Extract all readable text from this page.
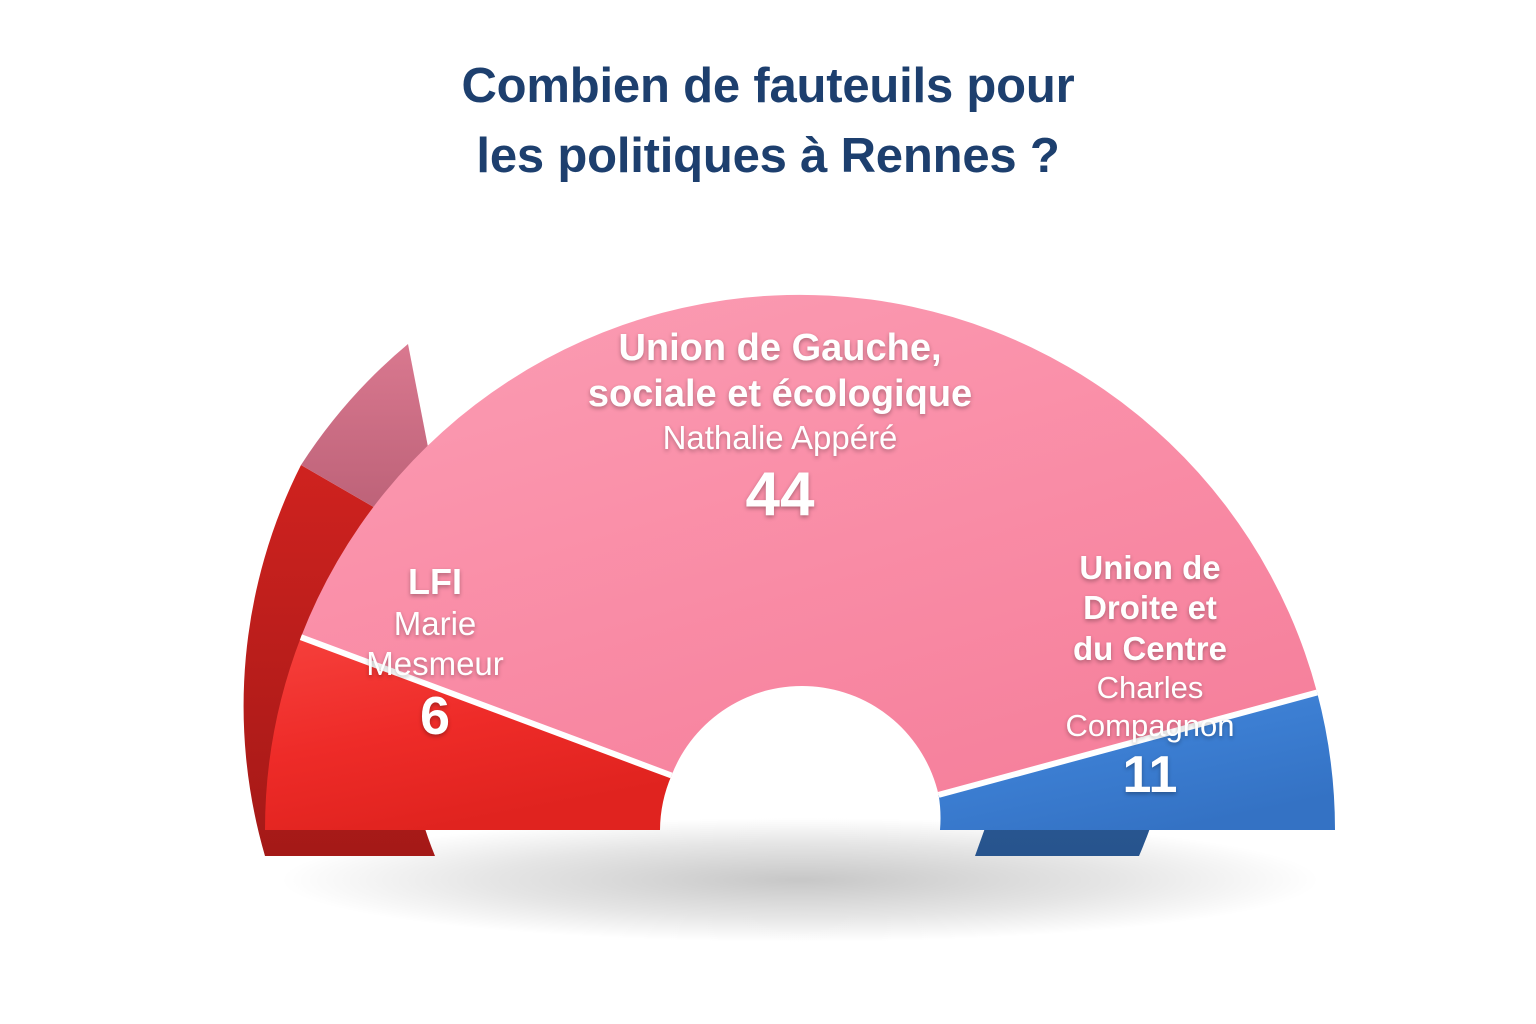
Combien de fauteuils pour
les politiques à Rennes ?
LFI
Marie
Mesmeur
6
Union de Gauche,
sociale et écologique
Nathalie Appéré
44
Union de
Droite et
du Centre
Charles
Compagnon
11
